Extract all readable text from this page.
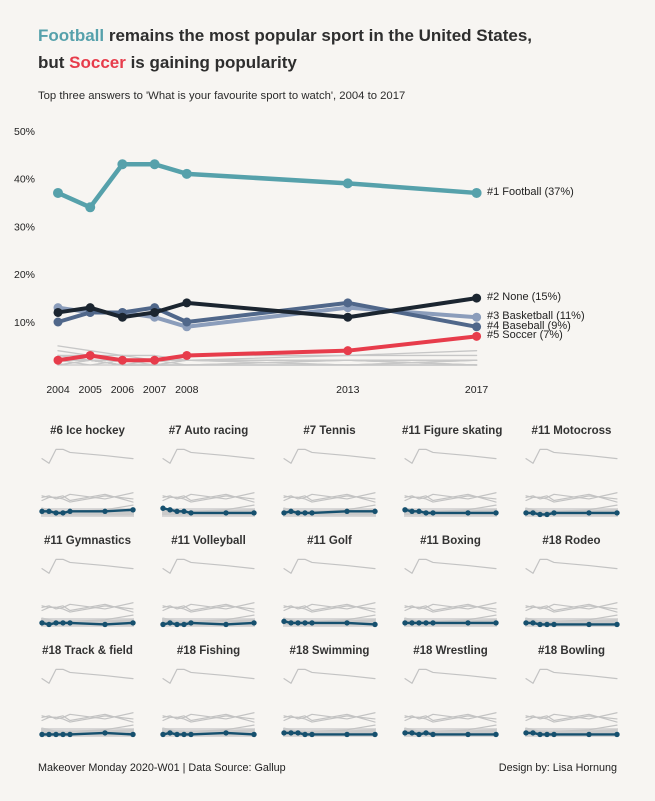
Football remains the most popular sport in the United States,
but Soccer is gaining popularity
Top three answers to 'What is your favourite sport to watch', 2004 to 2017
50%
40%
30%
20%
10%
2004 2005 2006 2007 2008	2013	2017
#1 Football (37%)
#2 None (15%)
#3 Basketball (11%)
#4 Baseball (9%)
#5 Soccer (7%)
#6 Ice hockey	#7 Auto racing	#7 Tennis	#11 Figure skating	#11 Motocross
#11 Gymnastics	#11 Volleyball	#11 Golf	#11 Boxing	#18 Rodeo
#18 Track & field	#18 Fishing	#18 Swimming	#18 Wrestling	#18 Bowling
Makeover Monday 2020-W01 | Data Source: Gallup	Design by: Lisa Hornung
